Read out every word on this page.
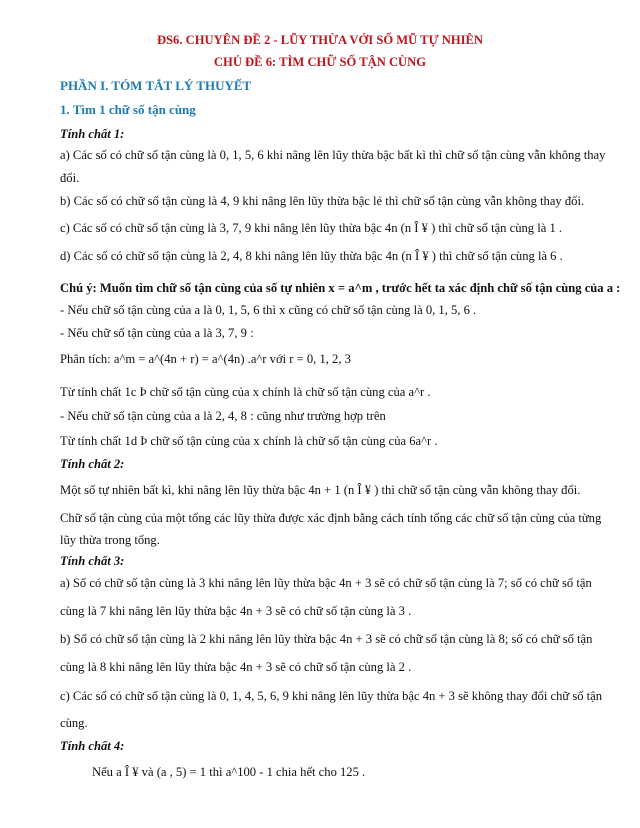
ĐS6. CHUYÊN ĐỀ 2 - LŨY THỪA VỚI SỐ MŨ TỰ NHIÊN
CHỦ ĐỀ 6: TÌM CHỮ SỐ TẬN CÙNG
PHẦN I. TÓM TẮT LÝ THUYẾT
1. Tìm 1 chữ số tận cùng
Tính chất 1:
a) Các số có chữ số tận cùng là 0, 1, 5, 6 khi nâng lên lũy thừa bậc bất kì thì chữ số tận cùng vẫn không thay
đổi.
b) Các số có chữ số tận cùng là 4, 9 khi nâng lên lũy thừa bậc lẻ thì chữ số tận cùng vẫn không thay đổi.
c) Các số có chữ số tận cùng là 3, 7, 9 khi nâng lên lũy thừa bậc 4n (n Î ¥ ) thì chữ số tận cùng là 1 .
d) Các số có chữ số tận cùng là 2, 4, 8 khi nâng lên lũy thừa bậc 4n (n Î ¥ ) thì chữ số tận cùng là 6 .
Chú ý: Muốn tìm chữ số tận cùng của số tự nhiên x = a^m , trước hết ta xác định chữ số tận cùng của a :
- Nếu chữ số tận cùng của a là 0, 1, 5, 6 thì x cũng có chữ số tận cùng là 0, 1, 5, 6 .
- Nếu chữ số tận cùng của a là 3, 7, 9 :
Phân tích: a^m = a^(4n + r) = a^(4n) .a^r với r = 0, 1, 2, 3
Từ tính chất 1c Þ chữ số tận cùng của x chính là chữ số tận cùng của a^r .
- Nếu chữ số tận cùng của a là 2, 4, 8 : cũng như trường hợp trên
Từ tính chất 1d Þ chữ số tận cùng của x chính là chữ số tận cùng của 6a^r .
Tính chất 2:
Một số tự nhiên bất kì, khi nâng lên lũy thừa bậc 4n + 1 (n Î ¥ ) thì chữ số tận cùng vẫn không thay đổi.
Chữ số tận cùng của một tổng các lũy thừa được xác định bằng cách tính tổng các chữ số tận cùng của từng
lũy thừa trong tổng.
Tính chất 3:
a) Số có chữ số tận cùng là 3 khi nâng lên lũy thừa bậc 4n + 3 sẽ có chữ số tận cùng là 7; số có chữ số tận
cùng là 7 khi nâng lên lũy thừa bậc 4n + 3 sẽ có chữ số tận cùng là 3 .
b) Số có chữ số tận cùng là 2 khi nâng lên lũy thừa bậc 4n + 3 sẽ có chữ số tận cùng là 8; số có chữ số tận
cùng là 8 khi nâng lên lũy thừa bậc 4n + 3 sẽ có chữ số tận cùng là 2 .
c) Các số có chữ số tận cùng là 0, 1, 4, 5, 6, 9 khi nâng lên lũy thừa bậc 4n + 3 sẽ không thay đổi chữ số tận
cùng.
Tính chất 4:
Nếu a Î ¥ và (a , 5) = 1 thì a^100 - 1 chia hết cho 125 .
